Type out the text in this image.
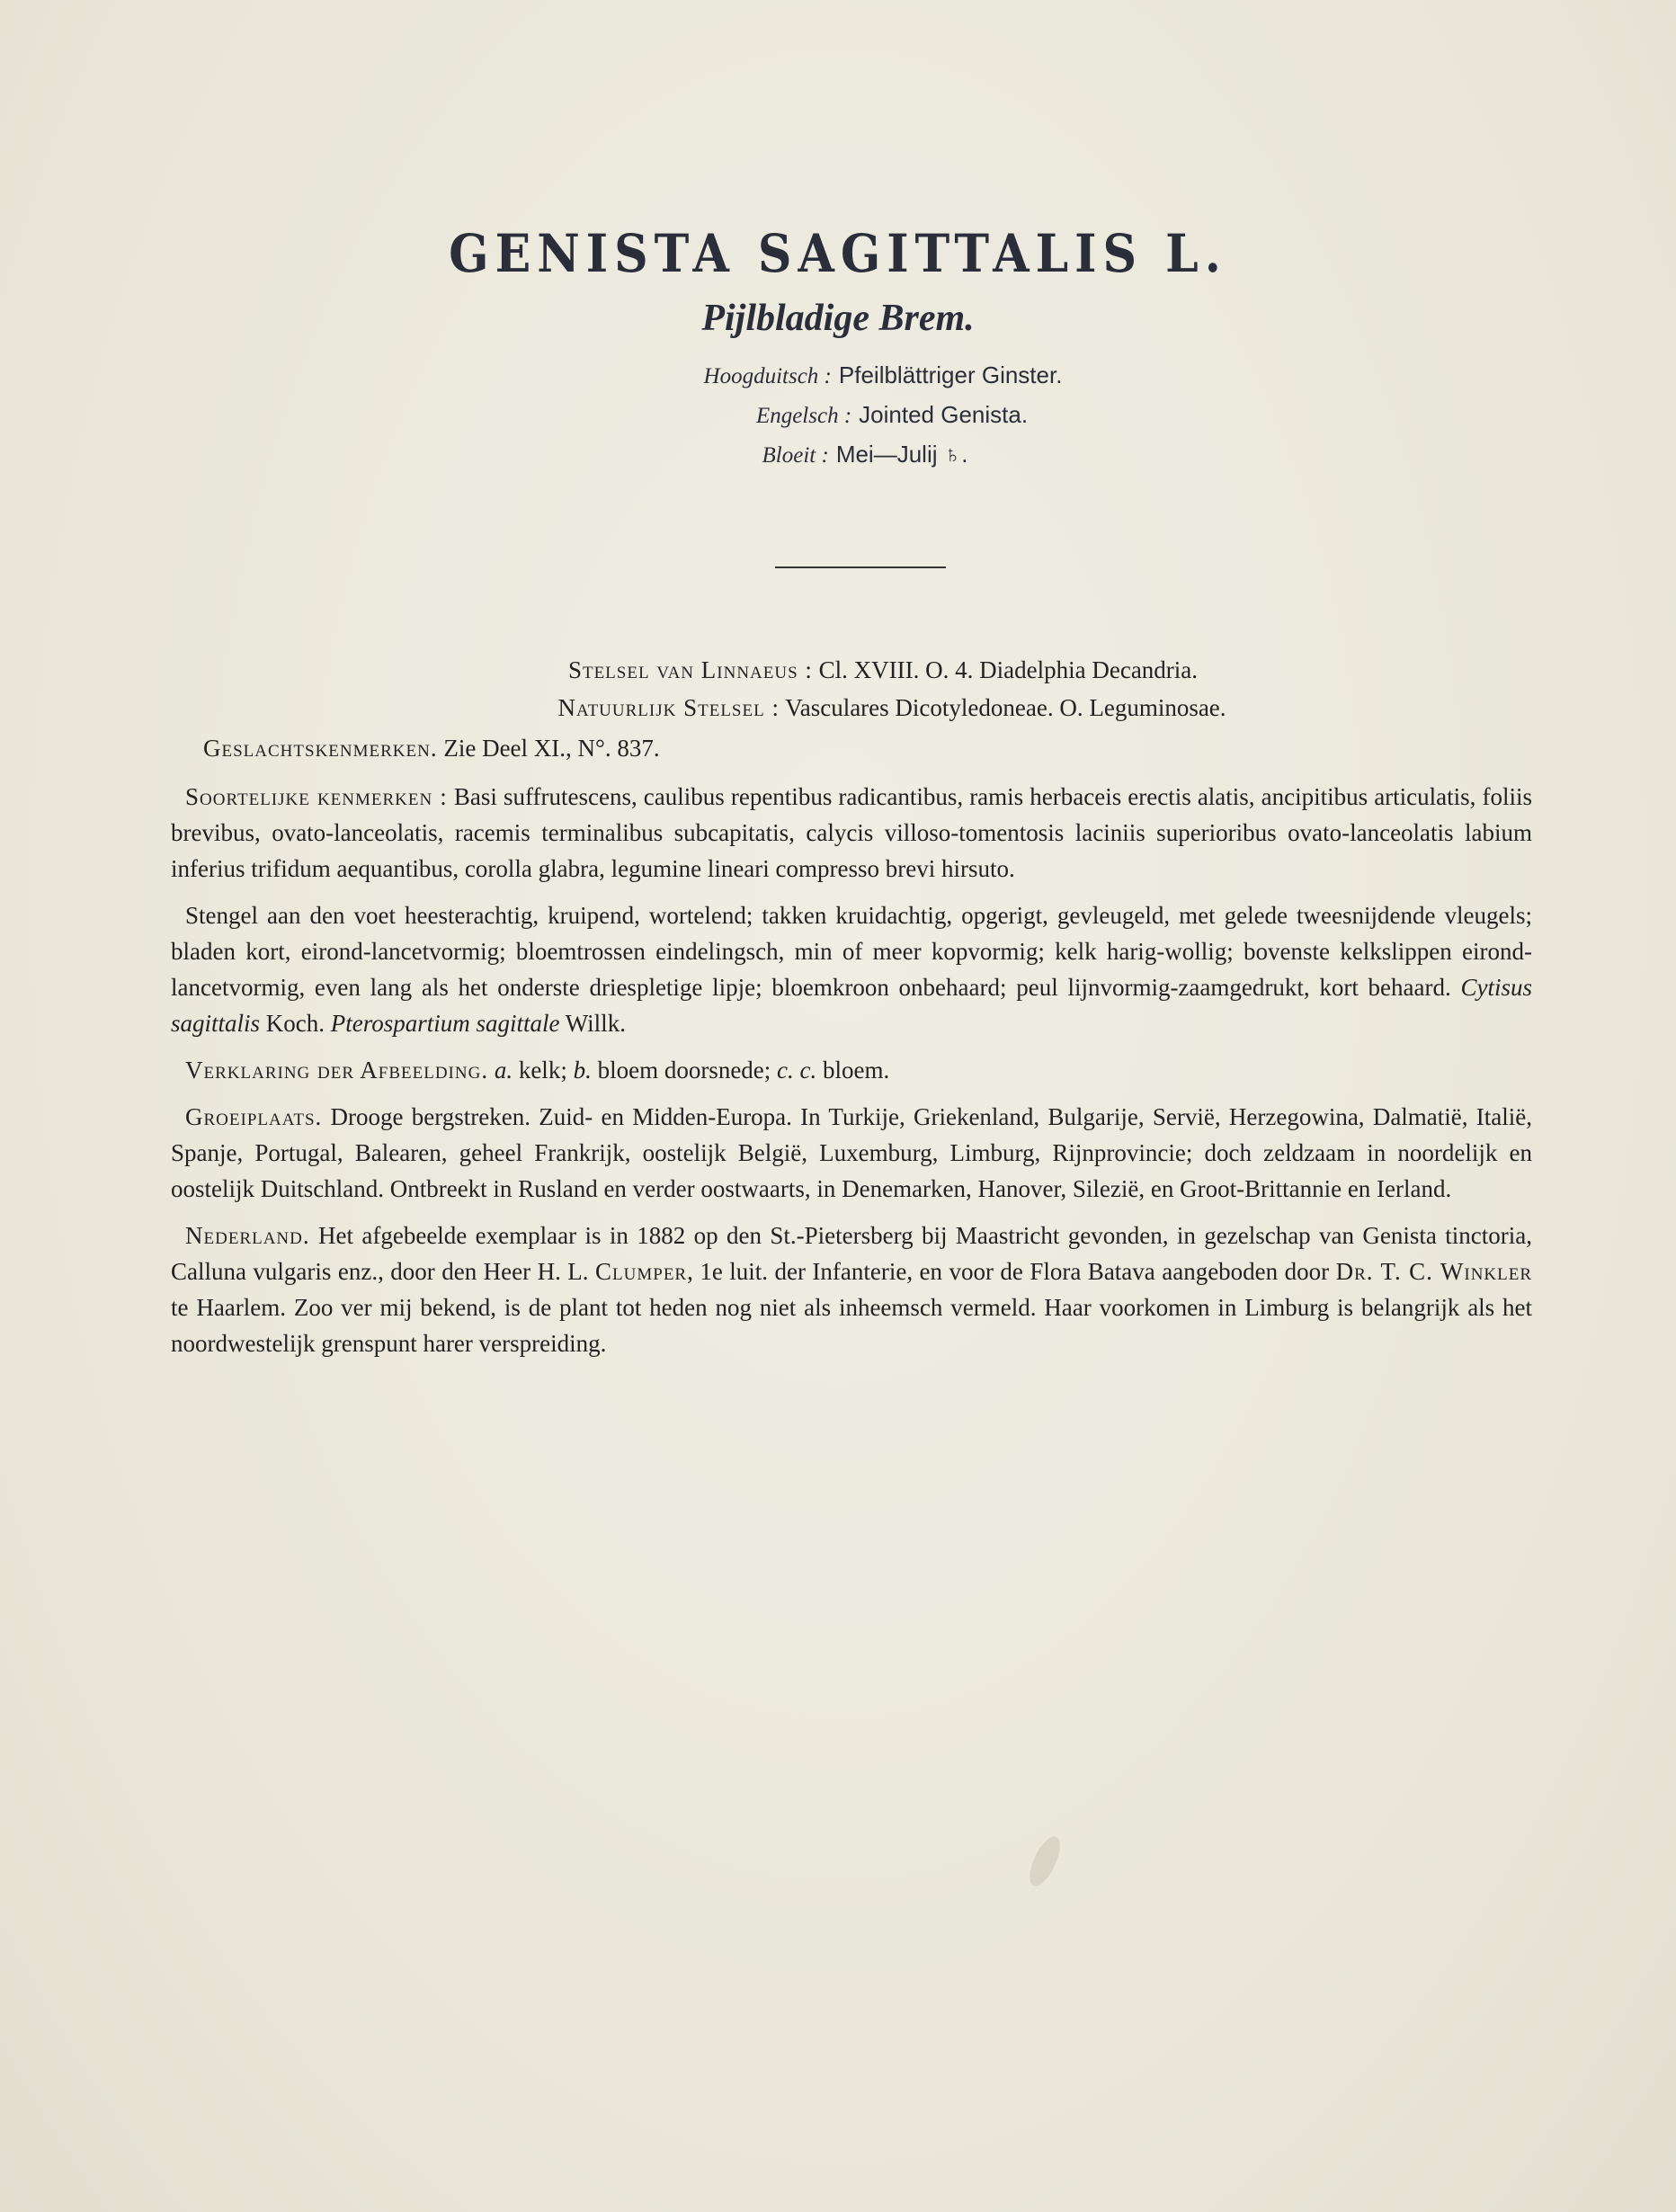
GENISTA SAGITTALIS L.
Pijlbladige Brem.
Hoogduitsch : Pfeilblättriger Ginster.
Engelsch : Jointed Genista.
Bloeit : Mei—Julij ♄.
Stelsel van Linnaeus : Cl. XVIII. O. 4. Diadelphia Decandria.
Natuurlijk Stelsel : Vasculares Dicotyledoneae. O. Leguminosae.

Geslachtskenmerken. Zie Deel XI., N°. 837.

Soortelijke kenmerken : Basi suffrutescens, caulibus repentibus radicantibus, ramis herbaceis erectis alatis, ancipitibus articulatis, foliis brevibus, ovato-lanceolatis, racemis terminalibus subcapitatis, calycis villoso-tomentosis laciniis superioribus ovato-lanceolatis labium inferius trifidum aequantibus, corolla glabra, legumine lineari compresso brevi hirsuto.

Stengel aan den voet heesterachtig, kruipend, wortelend; takken kruidachtig, opgerigt, gevleugeld, met gelede tweesnijdende vleugels; bladen kort, eirond-lancetvormig; bloemtrossen eindelingsch, min of meer kopvormig; kelk harig-wollig; bovenste kelkslippen eirond-lancetvormig, even lang als het onderste driespletige lipje; bloemkroon onbehaard; peul lijnvormig-zaamgedrukt, kort behaard. Cytisus sagittalis Koch. Pterospartium sagittale Willk.

Verklaring der Afbeelding. a. kelk; b. bloem doorsnede; c. c. bloem.

Groeiplaats. Drooge bergstreken. Zuid- en Midden-Europa. In Turkije, Griekenland, Bulgarije, Servië, Herzegowina, Dalmatië, Italië, Spanje, Portugal, Balearen, geheel Frankrijk, oostelijk België, Luxemburg, Limburg, Rijnprovincie; doch zeldzaam in noordelijk en oostelijk Duitschland. Ontbreekt in Rusland en verder oostwaarts, in Denemarken, Hanover, Silezië, en Groot-Brittannie en Ierland.

Nederland. Het afgebeelde exemplaar is in 1882 op den St.-Pietersberg bij Maastricht gevonden, in gezelschap van Genista tinctoria, Calluna vulgaris enz., door den Heer H. L. Clumper, 1e luit. der Infanterie, en voor de Flora Batava aangeboden door Dr. T. C. Winkler te Haarlem. Zoo ver mij bekend, is de plant tot heden nog niet als inheemsch vermeld. Haar voorkomen in Limburg is belangrijk als het noordwestelijk grenspunt harer verspreiding.
